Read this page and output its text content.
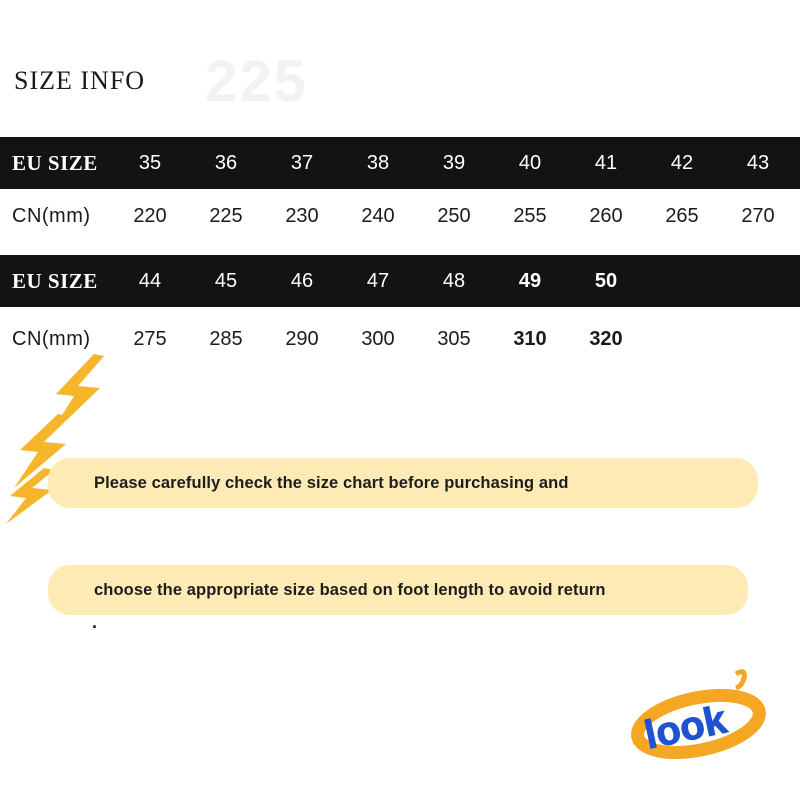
225
SIZE INFO
EU SIZE	35	36	37	38	39	40	41	42	43
CN(mm)	220	225	230	240	250	255	260	265	270
EU SIZE	44	45	46	47	48	49	50
CN(mm)	275	285	290	300	305	310	320
Please carefully check the size chart before purchasing and
choose the appropriate size based on foot length to avoid return
.
look
